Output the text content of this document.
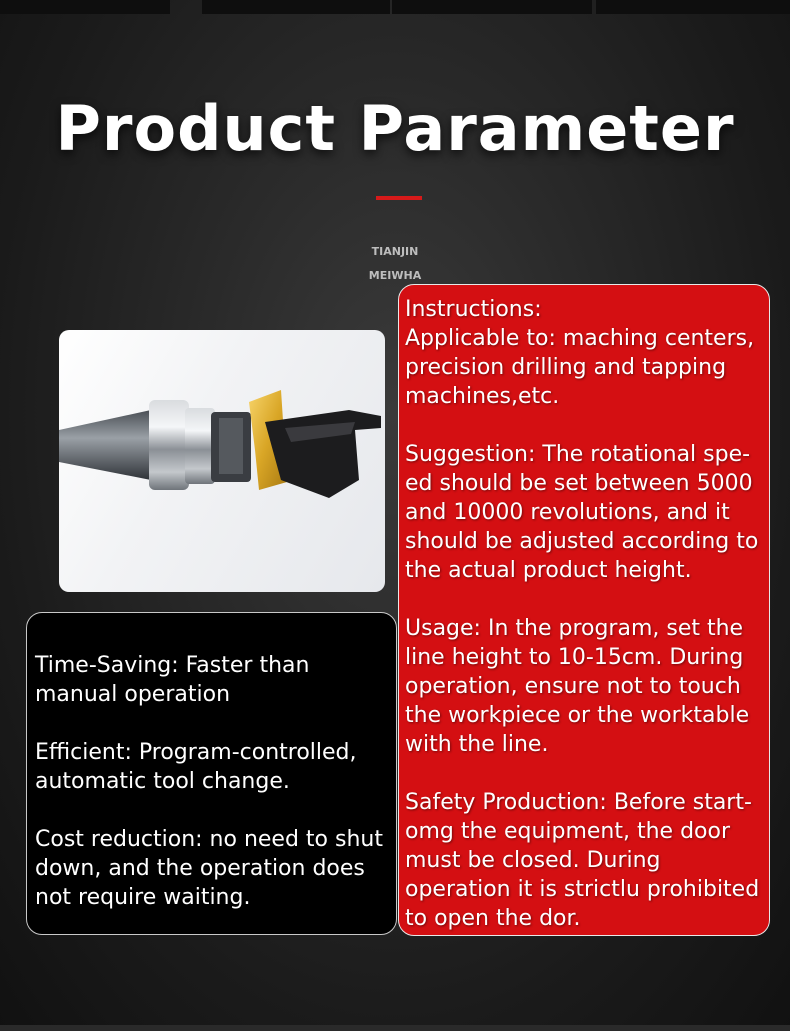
Product Parameter
TIANJIN
MEIWHA

Time-Saving: Faster than manual operation

Efficient: Program-controlled, automatic tool change.

Cost reduction: no need to shut down, and the operation does not require waiting.

Instructions:

Applicable to: maching centers, precision drilling and tapping machines,etc.

Suggestion: The rotational spe-ed should be set between 5000 and 10000 revolutions, and it should be adjusted according to the actual product height.

Usage: In the program, set the line height to 10-15cm. During operation, ensure not to touch the workpiece or the worktable with the line.

Safety Production: Before start-omg the equipment, the door must be closed. During operation it is strictlu prohibited to open the dor.
